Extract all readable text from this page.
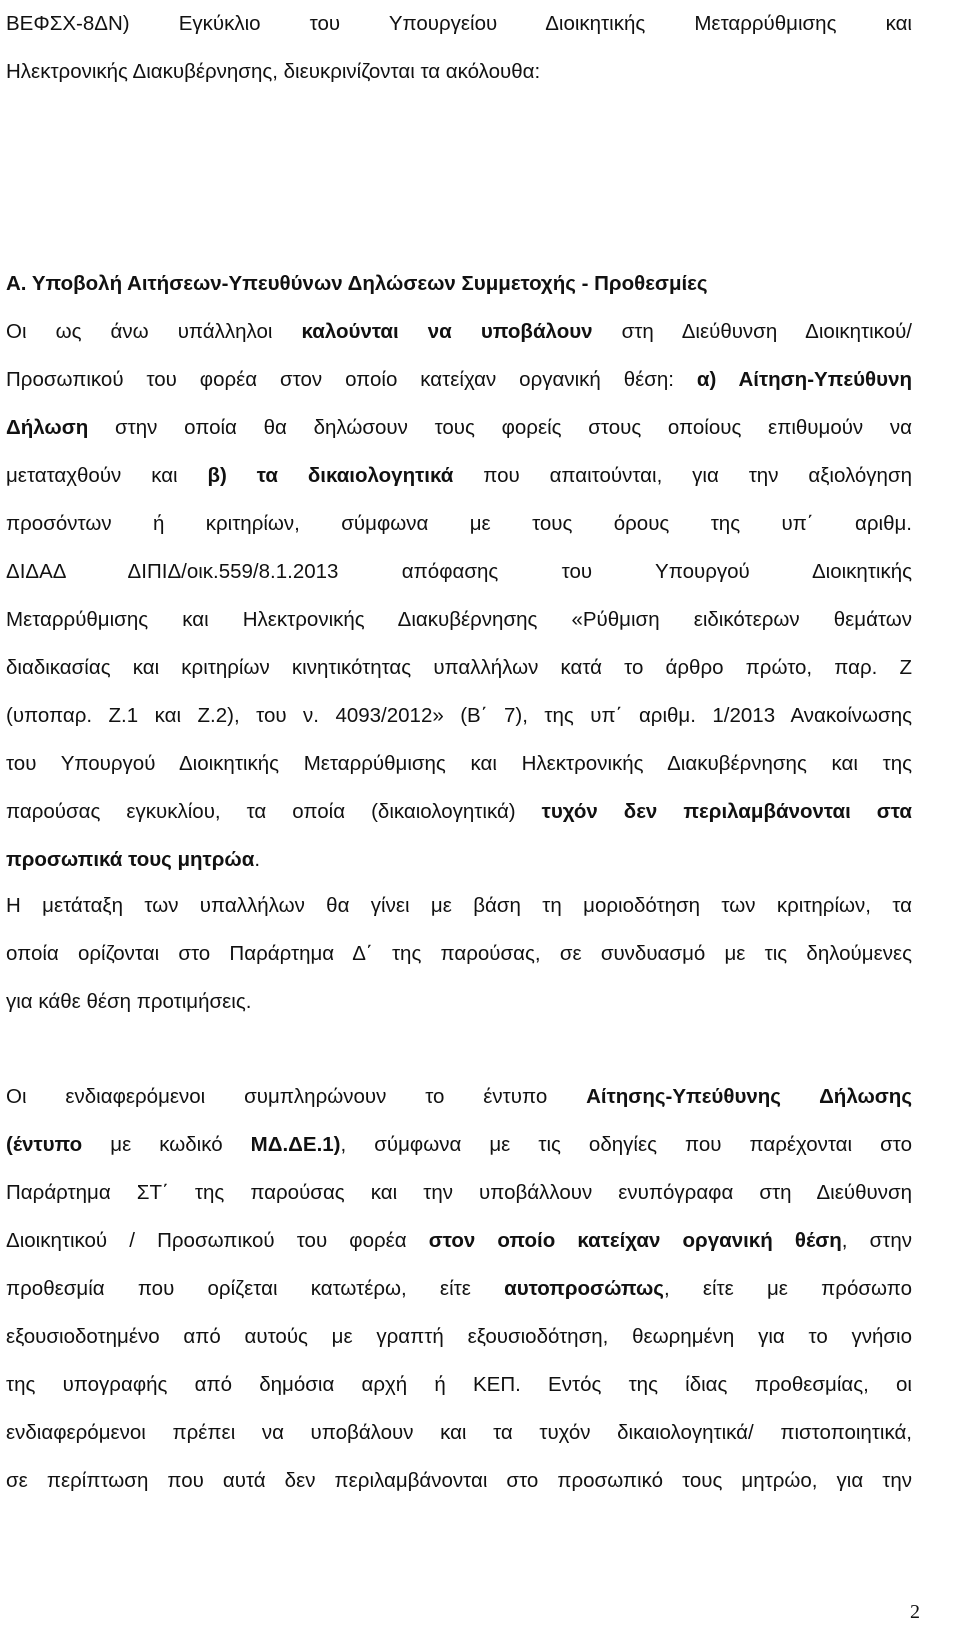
ΒΕΦΣΧ-8ΔΝ) Εγκύκλιο του Υπουργείου Διοικητικής Μεταρρύθμισης και
Ηλεκτρονικής Διακυβέρνησης, διευκρινίζονται τα ακόλουθα:
Α. Υποβολή Αιτήσεων-Υπευθύνων Δηλώσεων Συμμετοχής - Προθεσμίες
Οι ως άνω υπάλληλοι καλούνται να υποβάλουν στη Διεύθυνση Διοικητικού/
Προσωπικού του φορέα στον οποίο κατείχαν οργανική θέση: α) Αίτηση-Υπεύθυνη
Δήλωση στην οποία θα δηλώσουν τους φορείς στους οποίους επιθυμούν να
μεταταχθούν και β) τα δικαιολογητικά που απαιτούνται, για την αξιολόγηση
προσόντων ή κριτηρίων, σύμφωνα με τους όρους της υπ΄ αριθμ.
ΔΙΔΑΔ ΔΙΠΙΔ/οικ.559/8.1.2013 απόφασης του Υπουργού Διοικητικής
Μεταρρύθμισης και Ηλεκτρονικής Διακυβέρνησης «Ρύθμιση ειδικότερων θεμάτων
διαδικασίας και κριτηρίων κινητικότητας υπαλλήλων κατά το άρθρο πρώτο, παρ. Ζ
(υποπαρ. Ζ.1 και Ζ.2), του ν. 4093/2012» (Β΄ 7), της υπ΄ αριθμ. 1/2013 Ανακοίνωσης
του Υπουργού Διοικητικής Μεταρρύθμισης και Ηλεκτρονικής Διακυβέρνησης και της
παρούσας εγκυκλίου, τα οποία (δικαιολογητικά) τυχόν δεν περιλαμβάνονται στα
προσωπικά τους μητρώα.
Η μετάταξη των υπαλλήλων θα γίνει με βάση τη μοριοδότηση των κριτηρίων, τα
οποία ορίζονται στο Παράρτημα Δ΄ της παρούσας, σε συνδυασμό με τις δηλούμενες
για κάθε θέση προτιμήσεις.
Οι ενδιαφερόμενοι συμπληρώνουν το έντυπο Αίτησης-Υπεύθυνης Δήλωσης
(έντυπο με κωδικό ΜΔ.ΔΕ.1), σύμφωνα με τις οδηγίες που παρέχονται στο
Παράρτημα ΣΤ΄ της παρούσας και την υποβάλλουν ενυπόγραφα στη Διεύθυνση
Διοικητικού / Προσωπικού του φορέα στον οποίο κατείχαν οργανική θέση, στην
προθεσμία που ορίζεται κατωτέρω, είτε αυτοπροσώπως, είτε με πρόσωπο
εξουσιοδοτημένο από αυτούς με γραπτή εξουσιοδότηση, θεωρημένη για το γνήσιο
της υπογραφής από δημόσια αρχή ή ΚΕΠ. Εντός της ίδιας προθεσμίας, οι
ενδιαφερόμενοι πρέπει να υποβάλουν και τα τυχόν δικαιολογητικά/ πιστοποιητικά,
σε περίπτωση που αυτά δεν περιλαμβάνονται στο προσωπικό τους μητρώο, για την
2
